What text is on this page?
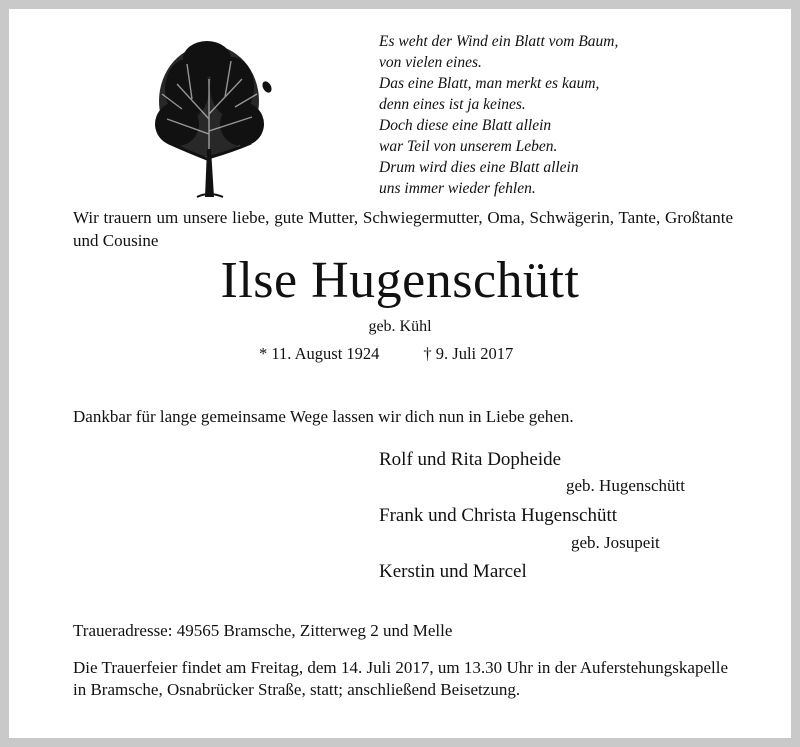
Es weht der Wind ein Blatt vom Baum,
von vielen eines.
Das eine Blatt, man merkt es kaum,
denn eines ist ja keines.
Doch diese eine Blatt allein
war Teil von unserem Leben.
Drum wird dies eine Blatt allein
uns immer wieder fehlen.
Wir trauern um unsere liebe, gute Mutter, Schwiegermutter, Oma, Schwägerin, Tante, Großtante und Cousine
Ilse Hugenschütt
geb. Kühl
* 11. August 1924	† 9. Juli 2017
Dankbar für lange gemeinsame Wege lassen wir dich nun in Liebe gehen.
Rolf und Rita Dopheide
geb. Hugenschütt
Frank und Christa Hugenschütt
geb. Josupeit
Kerstin und Marcel
Traueradresse: 49565 Bramsche, Zitterweg 2 und Melle
Die Trauerfeier findet am Freitag, dem 14. Juli 2017, um 13.30 Uhr in der Auferstehungskapelle in Bramsche, Osnabrücker Straße, statt; anschließend Beisetzung.
